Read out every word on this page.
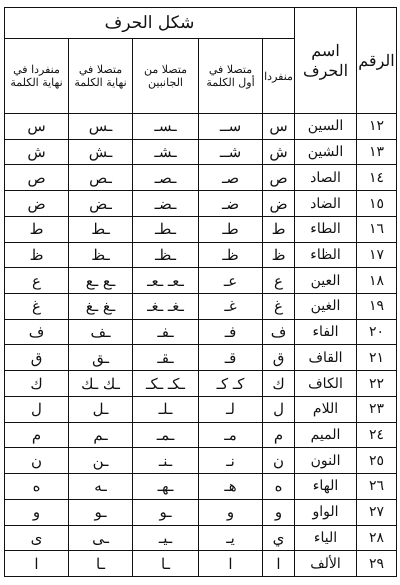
الرقم	اسم الحرف	شكل الحرف				
		منفردا	متصلا في أول الكلمة	متصلا من الجانبين	متصلا في نهاية الكلمة	منفردا في نهاية الكلمة
١٢	السين	س	ســ	ـسـ	ـس	س
١٣	الشين	ش	شــ	ـشـ	ـش	ش
١٤	الصاد	ص	صـ	ـصـ	ـص	ص
١٥	الضاد	ض	ضـ	ـضـ	ـض	ض
١٦	الطاء	ط	طـ	ـطـ	ـط	ط
١٧	الظاء	ظ	ظـ	ـظـ	ـظ	ظ
١٨	العين	ع	عـ	ـعـ ـعـ	ـع ـع	ع
١٩	الغين	غ	غـ	ـغـ ـغـ	ـغ ـغ	غ
٢٠	الفاء	ف	فـ	ـفـ	ـف	ف
٢١	القاف	ق	قـ	ـقـ	ـق	ق
٢٢	الكاف	ك	كـ كـ	ـكـ ـكـ	ـك ـك	ك
٢٣	اللام	ل	لـ	ـلـ	ـل	ل
٢٤	الميم	م	مـ	ـمـ	ـم	م
٢٥	النون	ن	نـ	ـنـ	ـن	ن
٢٦	الهاء	ه	هـ	ـهـ	ـه	ه
٢٧	الواو	و	و	ـو	ـو	و
٢٨	الياء	ي	يـ	ـيـ	ـى	ى
٢٩	الألف	ا	ا	ـا	ـا	ا
